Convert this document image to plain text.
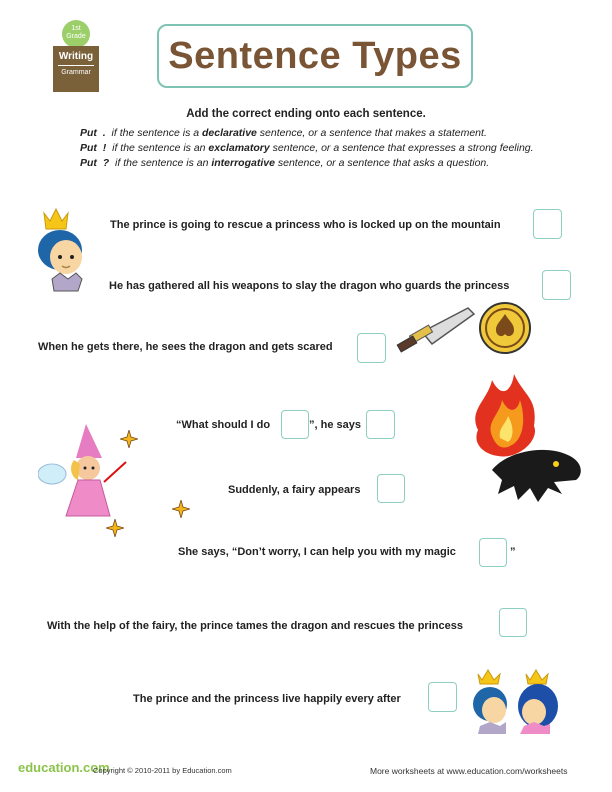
1st
Grade
Writing
Grammar Sentence Types
Add the correct ending onto each sentence.
Put . if the sentence is a declarative sentence, or a sentence that makes a statement.
Put ! if the sentence is an exclamatory sentence, or a sentence that expresses a strong feeling.
Put ? if the sentence is an interrogative sentence, or a sentence that asks a question.
The prince is going to rescue a princess who is locked up on the mountain
He has gathered all his weapons to slay the dragon who guards the princess
When he gets there, he sees the dragon and gets scared
“What should I do	”, he says
Suddenly, a fairy appears
She says, “Don’t worry, I can help you with my magic	”
With the help of the fairy, the prince tames the dragon and rescues the princess
The prince and the princess live happily every after
education.com
Copyright © 2010-2011 by Education.com	More worksheets at www.education.com/worksheets
